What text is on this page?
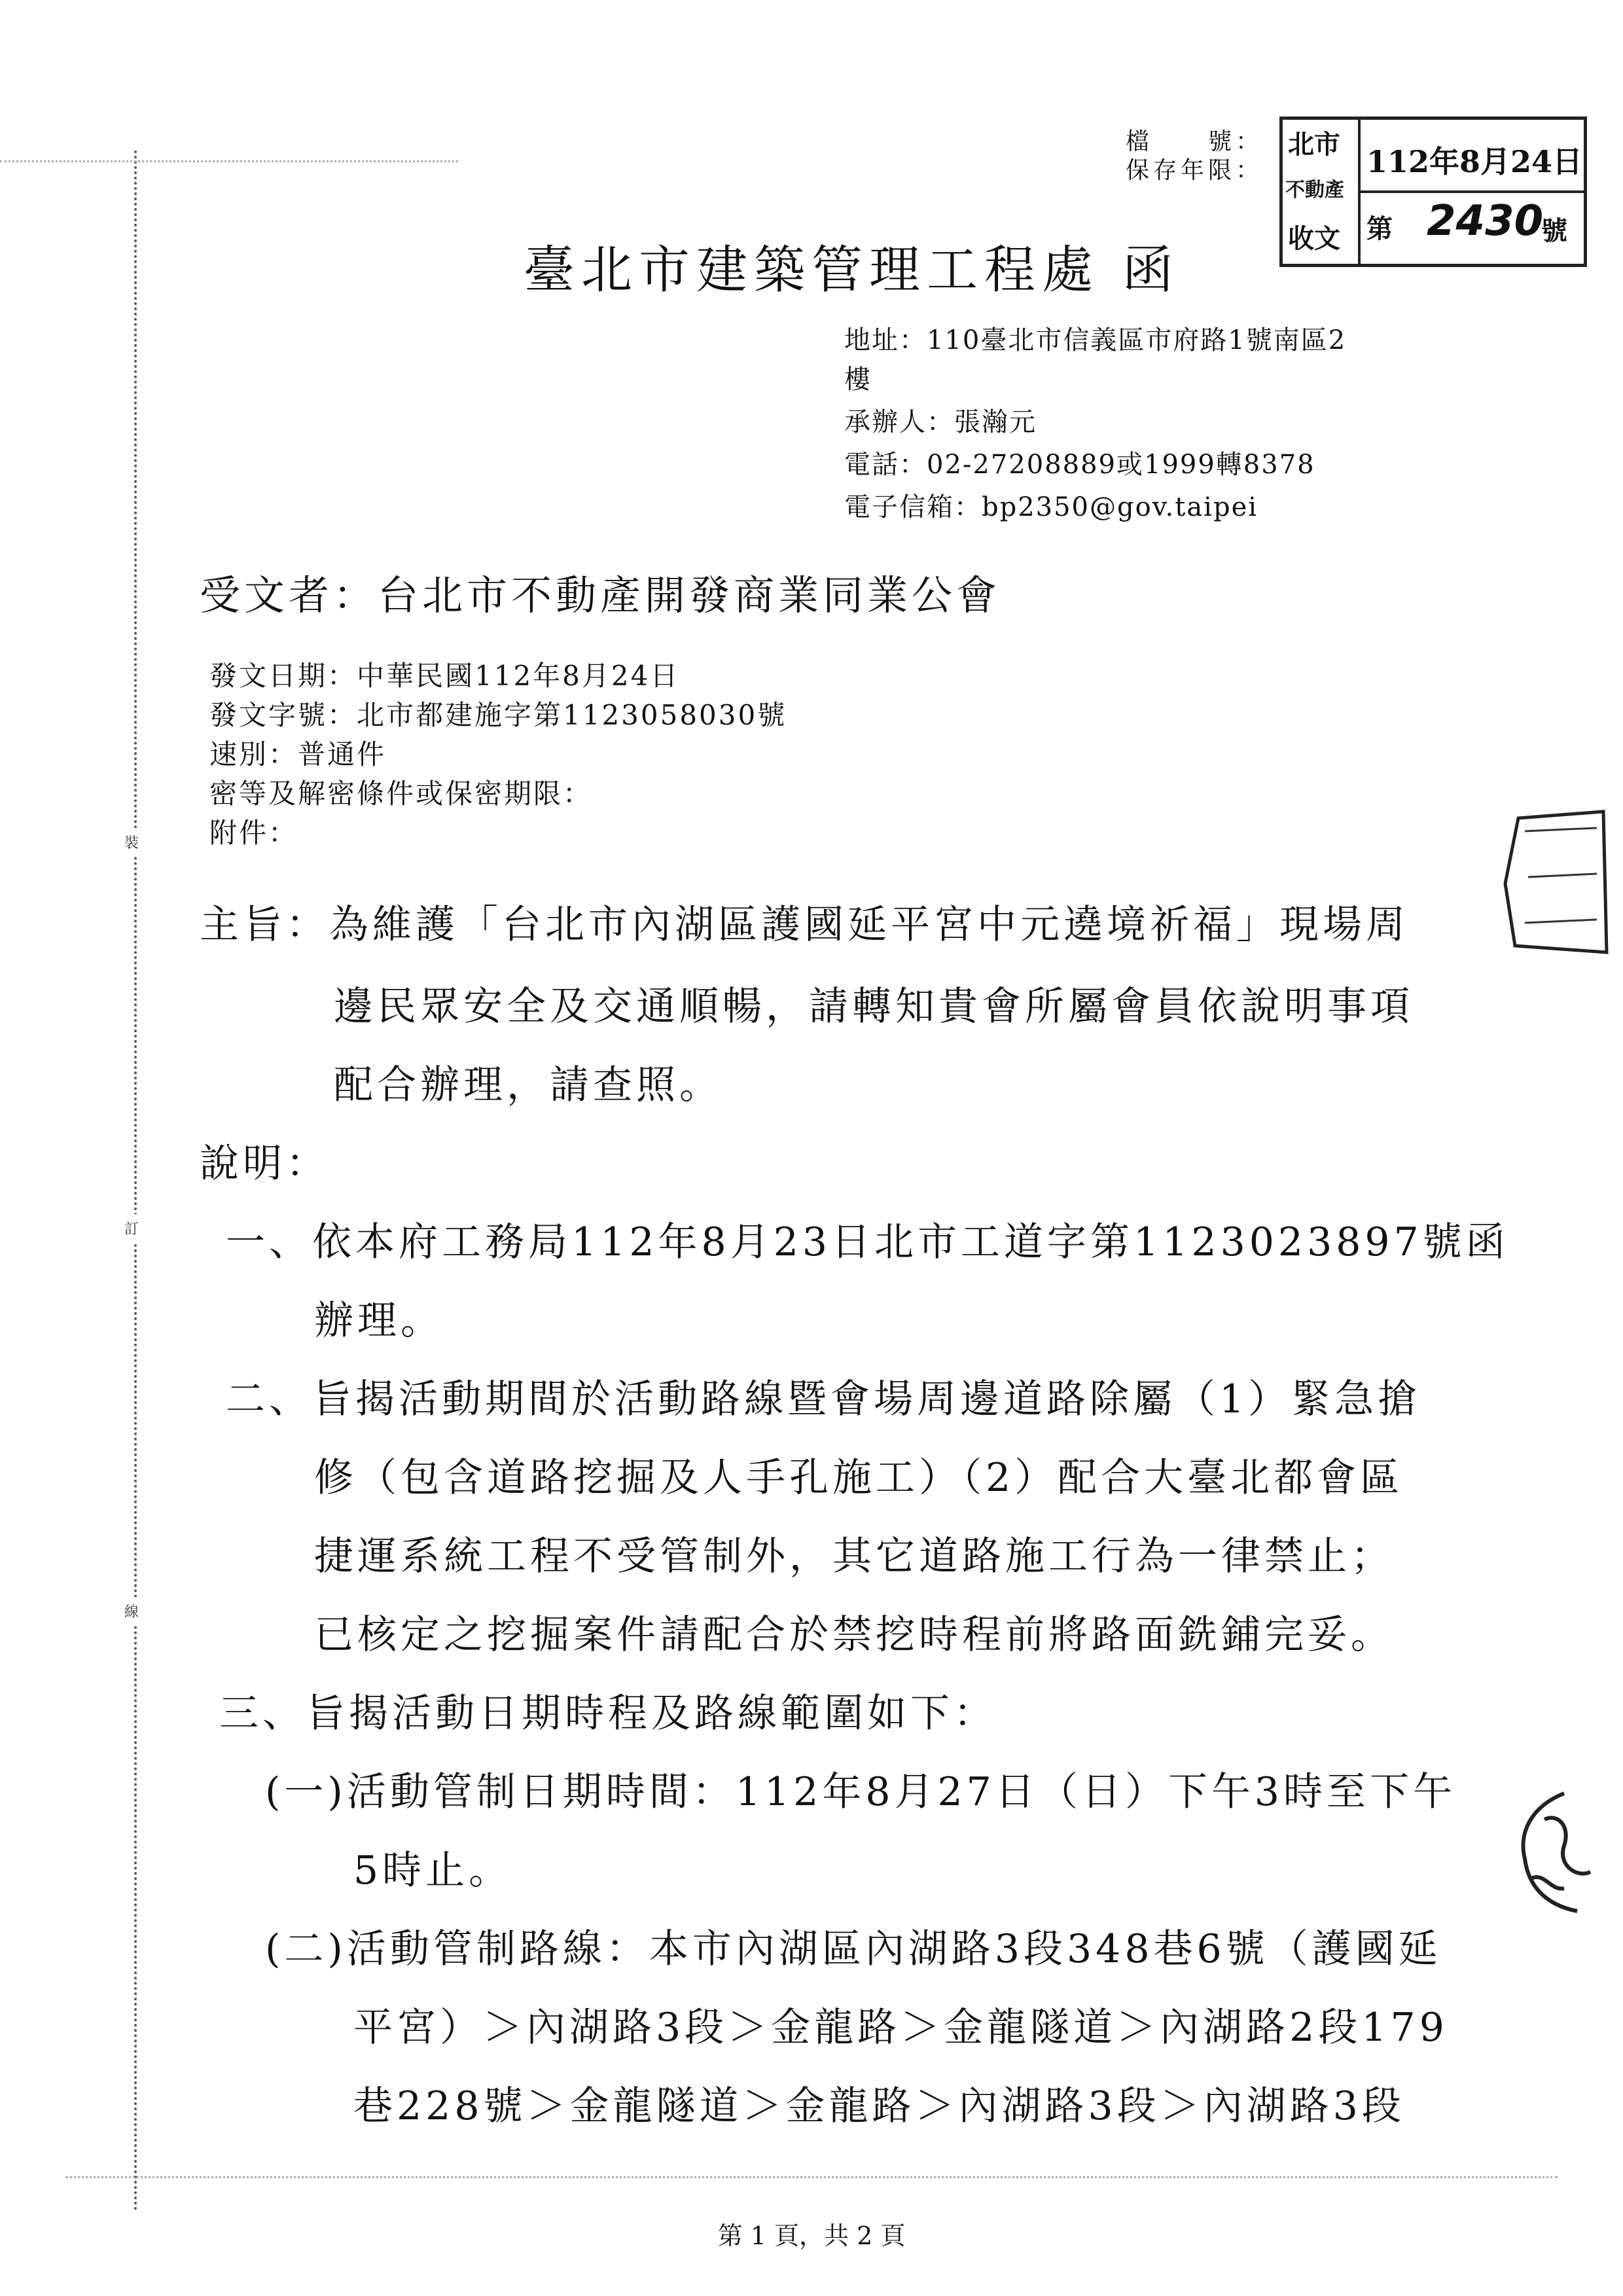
裝
訂
線
檔　　號：
保存年限：
北市
不動產
收文
112年8月24日
第 2430
號
臺北市建築管理工程處 函
地址：110臺北市信義區市府路1號南區2
樓
承辦人：張瀚元
電話：02-27208889或1999轉8378
電子信箱：bp2350@gov.taipei
受文者：台北市不動產開發商業同業公會
發文日期：中華民國112年8月24日
發文字號：北市都建施字第1123058030號
速別：普通件
密等及解密條件或保密期限：
附件：
主旨：為維護「台北市內湖區護國延平宮中元遶境祈福」現場周
邊民眾安全及交通順暢，請轉知貴會所屬會員依說明事項
配合辦理，請查照。
說明：
一、依本府工務局112年8月23日北市工道字第1123023897號函
辦理。
二、旨揭活動期間於活動路線暨會場周邊道路除屬（1）緊急搶
修（包含道路挖掘及人手孔施工）（2）配合大臺北都會區
捷運系統工程不受管制外，其它道路施工行為一律禁止；
已核定之挖掘案件請配合於禁挖時程前將路面銑鋪完妥。
三、旨揭活動日期時程及路線範圍如下：
(一)活動管制日期時間：112年8月27日（日）下午3時至下午
5時止。
(二)活動管制路線：本市內湖區內湖路3段348巷6號（護國延
平宮）＞內湖路3段＞金龍路＞金龍隧道＞內湖路2段179
巷228號＞金龍隧道＞金龍路＞內湖路3段＞內湖路3段
第 1 頁，共 2 頁
